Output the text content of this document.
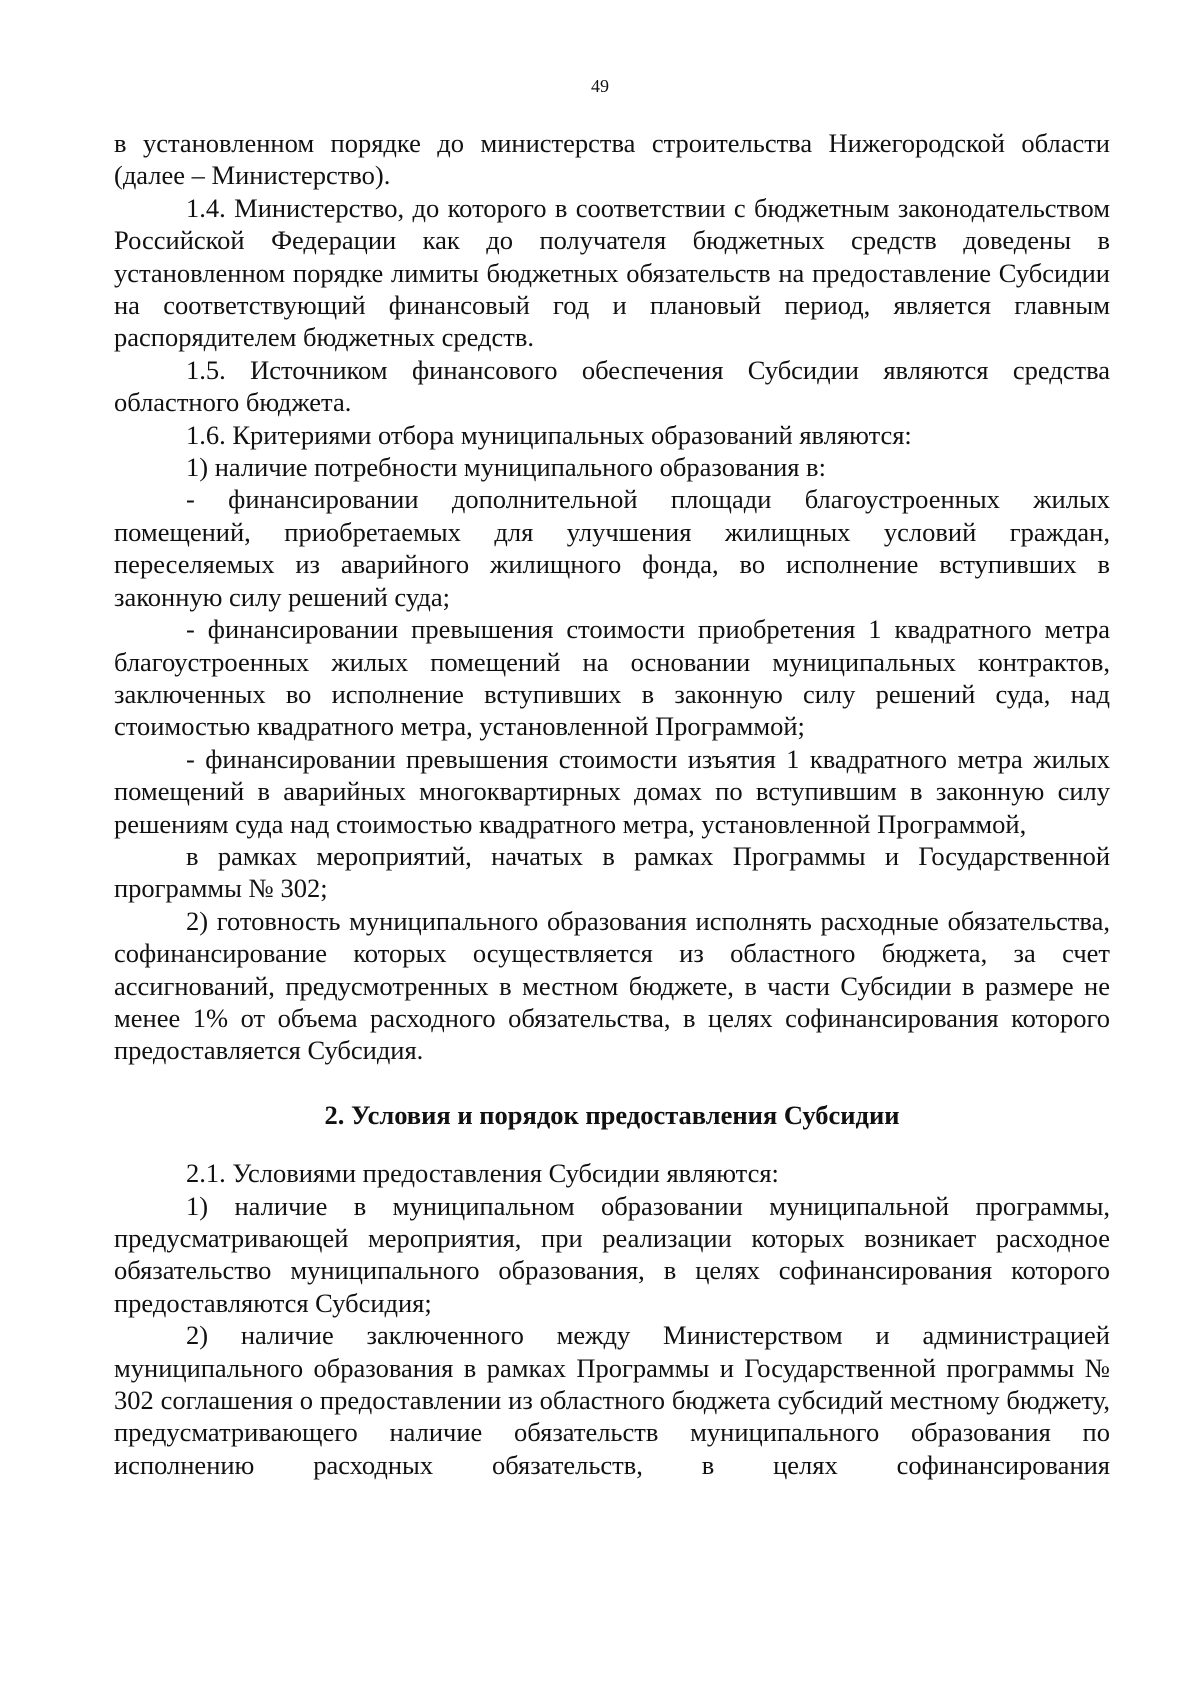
49

в установленном порядке до министерства строительства Нижегородской области (далее – Министерство).

1.4. Министерство, до которого в соответствии с бюджетным законодательством Российской Федерации как до получателя бюджетных средств доведены в установленном порядке лимиты бюджетных обязательств на предоставление Субсидии на соответствующий финансовый год и плановый период, является главным распорядителем бюджетных средств.

1.5. Источником финансового обеспечения Субсидии являются средства областного бюджета.

1.6. Критериями отбора муниципальных образований являются:

1) наличие потребности муниципального образования в:

- финансировании дополнительной площади благоустроенных жилых помещений, приобретаемых для улучшения жилищных условий граждан, переселяемых из аварийного жилищного фонда, во исполнение вступивших в законную силу решений суда;

- финансировании превышения стоимости приобретения 1 квадратного метра благоустроенных жилых помещений на основании муниципальных контрактов, заключенных во исполнение вступивших в законную силу решений суда, над стоимостью квадратного метра, установленной Программой;

- финансировании превышения стоимости изъятия 1 квадратного метра жилых помещений в аварийных многоквартирных домах по вступившим в законную силу решениям суда над стоимостью квадратного метра, установленной Программой,

в рамках мероприятий, начатых в рамках Программы и Государственной программы № 302;

2) готовность муниципального образования исполнять расходные обязательства, софинансирование которых осуществляется из областного бюджета, за счет ассигнований, предусмотренных в местном бюджете, в части Субсидии в размере не менее 1% от объема расходного обязательства, в целях софинансирования которого предоставляется Субсидия.

2. Условия и порядок предоставления Субсидии

2.1. Условиями предоставления Субсидии являются:

1) наличие в муниципальном образовании муниципальной программы, предусматривающей мероприятия, при реализации которых возникает расходное обязательство муниципального образования, в целях софинансирования которого предоставляются Субсидия;

2) наличие заключенного между Министерством и администрацией муниципального образования в рамках Программы и Государственной программы № 302 соглашения о предоставлении из областного бюджета субсидий местному бюджету, предусматривающего наличие обязательств муниципального образования по исполнению расходных обязательств, в целях софинансирования
